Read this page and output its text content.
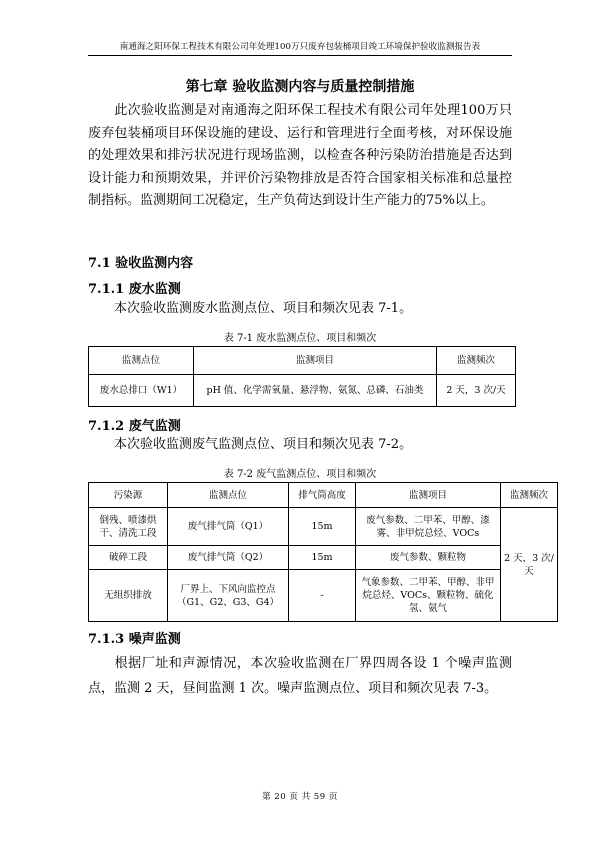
南通海之阳环保工程技术有限公司年处理100万只废弃包装桶项目竣工环境保护验收监测报告表
第七章 验收监测内容与质量控制措施
此次验收监测是对南通海之阳环保工程技术有限公司年处理100万只废弃包装桶项目环保设施的建设、运行和管理进行全面考核，对环保设施的处理效果和排污状况进行现场监测，以检查各种污染防治措施是否达到设计能力和预期效果，并评价污染物排放是否符合国家相关标准和总量控制指标。监测期间工况稳定，生产负荷达到设计生产能力的75%以上。
7.1 验收监测内容
7.1.1 废水监测
本次验收监测废水监测点位、项目和频次见表 7-1。
表 7-1 废水监测点位、项目和频次
监测点位	监测项目	监测频次
废水总排口（W1）	pH 值、化学需氧量、悬浮物、氨氮、总磷、石油类	2 天，3 次/天
7.1.2 废气监测
本次验收监测废气监测点位、项目和频次见表 7-2。
表 7-2 废气监测点位、项目和频次
污染源	监测点位	排气筒高度	监测项目	监测频次
倒残、喷漆烘干、清洗工段	废气排气筒（Q1）	15m	废气参数、二甲苯、甲醇、漆雾、非甲烷总烃、VOCs	2 天，3 次/天
破碎工段	废气排气筒（Q2）	15m	废气参数、颗粒物	
无组织排放	厂界上、下风向监控点（G1、G2、G3、G4）	-	气象参数、二甲苯、甲醇、非甲烷总烃、VOCs、颗粒物、硫化氢、氨气	
7.1.3 噪声监测
根据厂址和声源情况，本次验收监测在厂界四周各设 1 个噪声监测点，监测 2 天，昼间监测 1 次。噪声监测点位、项目和频次见表 7-3。
第 20 页 共 59 页
